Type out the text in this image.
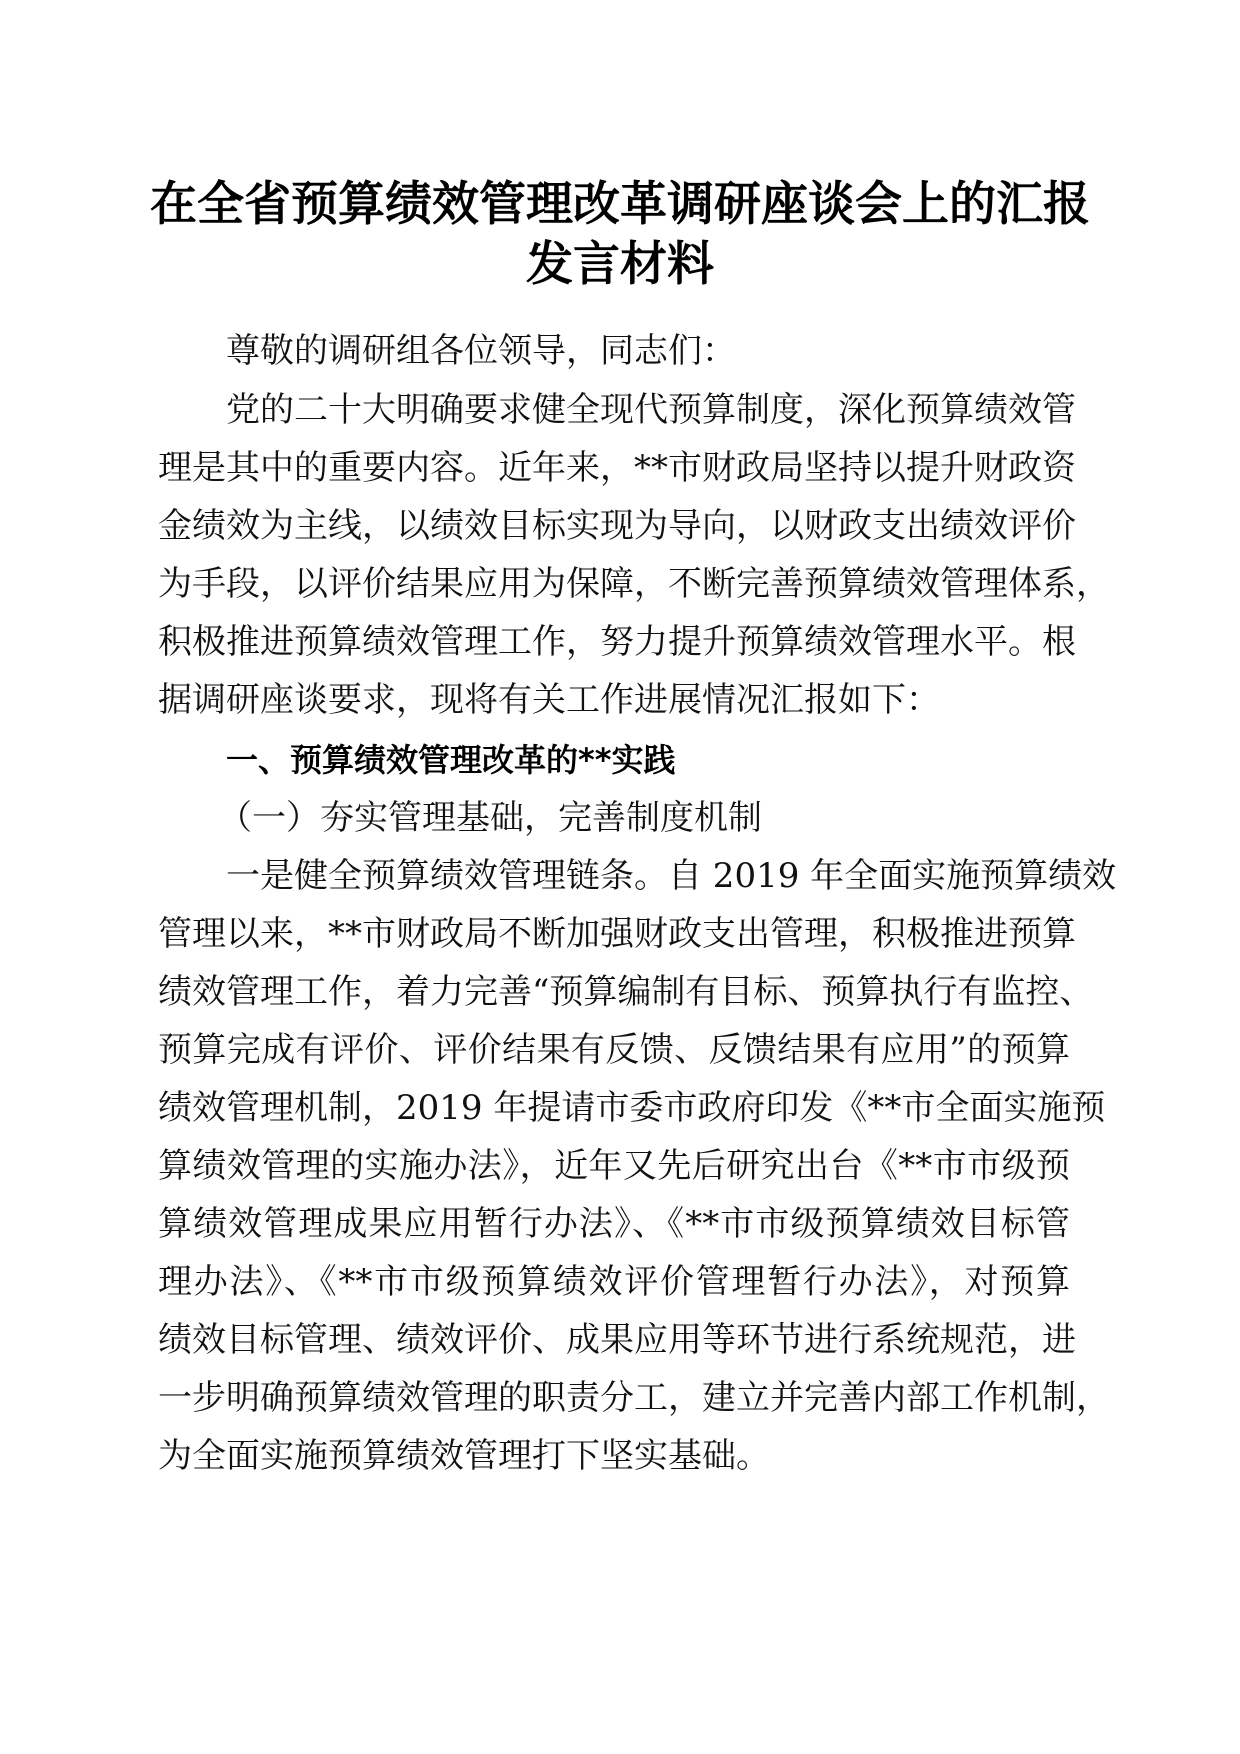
在全省预算绩效管理改革调研座谈会上的汇报
发言材料
尊敬的调研组各位领导，同志们：
党的二十大明确要求健全现代预算制度，深化预算绩效管
理是其中的重要内容。近年来，**市财政局坚持以提升财政资
金绩效为主线，以绩效目标实现为导向，以财政支出绩效评价
为手段，以评价结果应用为保障，不断完善预算绩效管理体系，
积极推进预算绩效管理工作，努力提升预算绩效管理水平。根
据调研座谈要求，现将有关工作进展情况汇报如下：
一、预算绩效管理改革的**实践
（一）夯实管理基础，完善制度机制
一是健全预算绩效管理链条。自 2019 年全面实施预算绩效
管理以来，**市财政局不断加强财政支出管理，积极推进预算
绩效管理工作，着力完善“预算编制有目标、预算执行有监控、
预算完成有评价、评价结果有反馈、反馈结果有应用”的预算
绩效管理机制，2019 年提请市委市政府印发《**市全面实施预
算绩效管理的实施办法》，近年又先后研究出台《**市市级预
算绩效管理成果应用暂行办法》、《**市市级预算绩效目标管
理办法》、《**市市级预算绩效评价管理暂行办法》，对预算
绩效目标管理、绩效评价、成果应用等环节进行系统规范，进
一步明确预算绩效管理的职责分工，建立并完善内部工作机制，
为全面实施预算绩效管理打下坚实基础。
